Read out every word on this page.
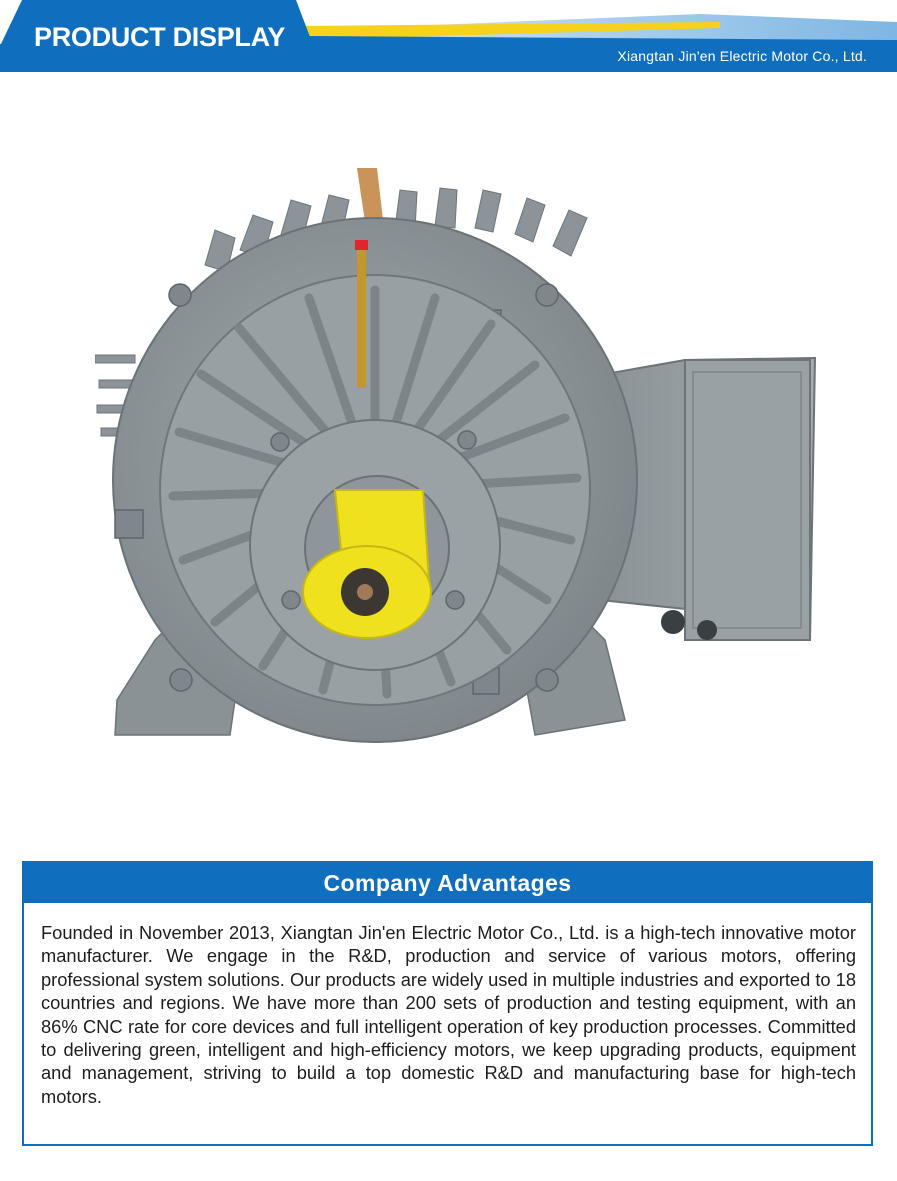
PRODUCT DISPLAY
Xiangtan Jin'en Electric Motor Co., Ltd.
Company Advantages

Founded in November 2013, Xiangtan Jin'en Electric Motor Co., Ltd. is a high-tech innovative motor manufacturer. We engage in the R&D, production and service of various motors, offering professional system solutions. Our products are widely used in multiple industries and exported to 18 countries and regions. We have more than 200 sets of production and testing equipment, with an 86% CNC rate for core devices and full intelligent operation of key production processes. Committed to delivering green, intelligent and high-efficiency motors, we keep upgrading products, equipment and management, striving to build a top domestic R&D and manufacturing base for high-tech motors.
